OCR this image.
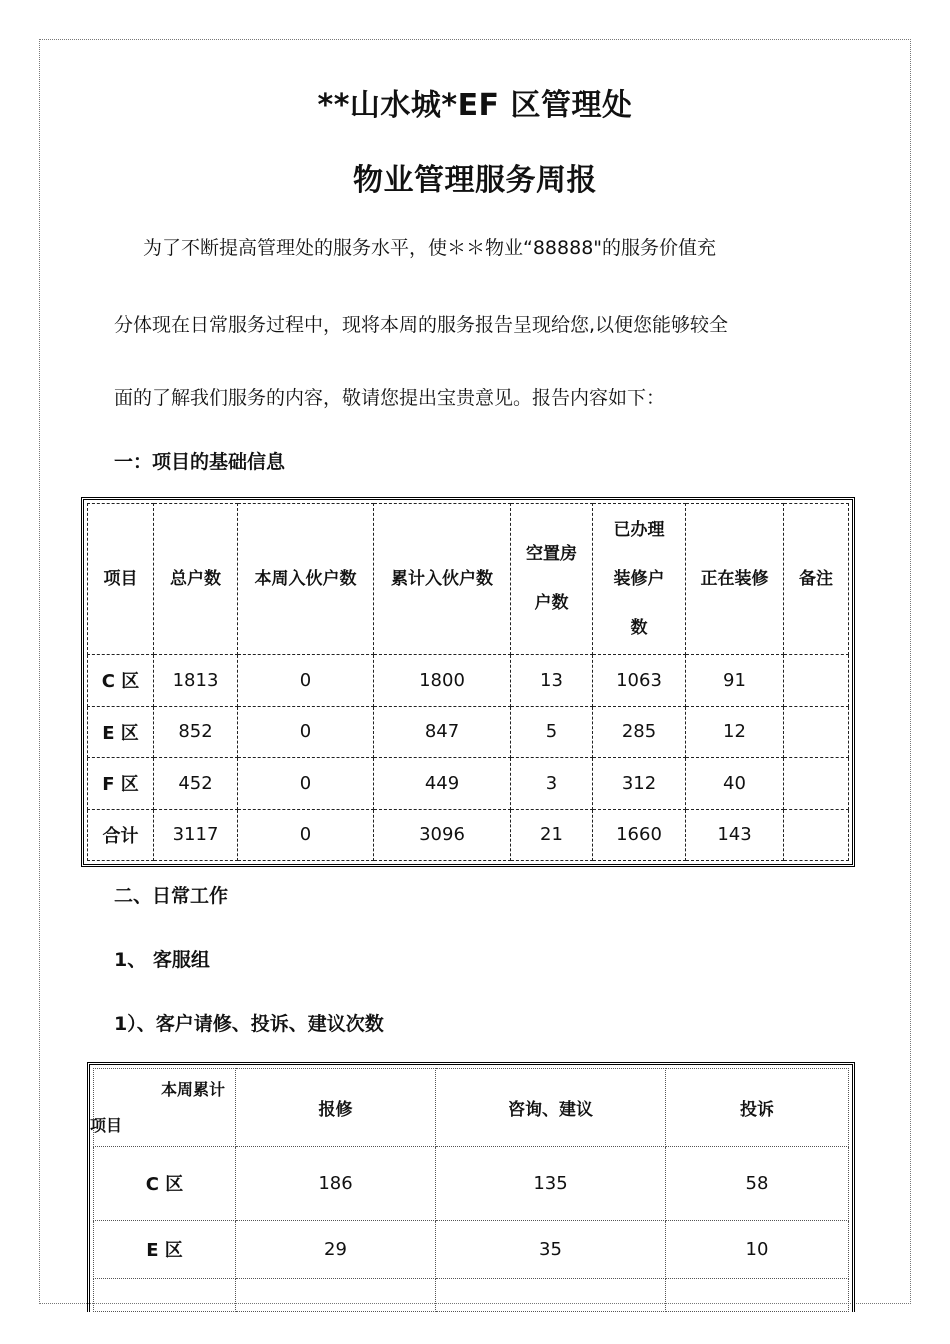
**山水城*EF 区管理处
物业管理服务周报
为了不断提高管理处的服务水平，使＊＊物业“88888"的服务价值充
分体现在日常服务过程中，现将本周的服务报告呈现给您,以便您能够较全
面的了解我们服务的内容，敬请您提出宝贵意见。报告内容如下：
一：项目的基础信息
项目	总户数	本周入伙户数	累计入伙户数	空置房户数	已办理装修户数	正在装修	备注
C 区	1813	0	1800	13	1063	91	
E 区	852	0	847	5	285	12	
F 区	452	0	449	3	312	40	
合计	3117	0	3096	21	1660	143	
二、日常工作
1、 客服组
1）、客户请修、投诉、建议次数
本周累计
项目	报修	咨询、建议	投诉
C 区	186	135	58
E 区	29	35	10
